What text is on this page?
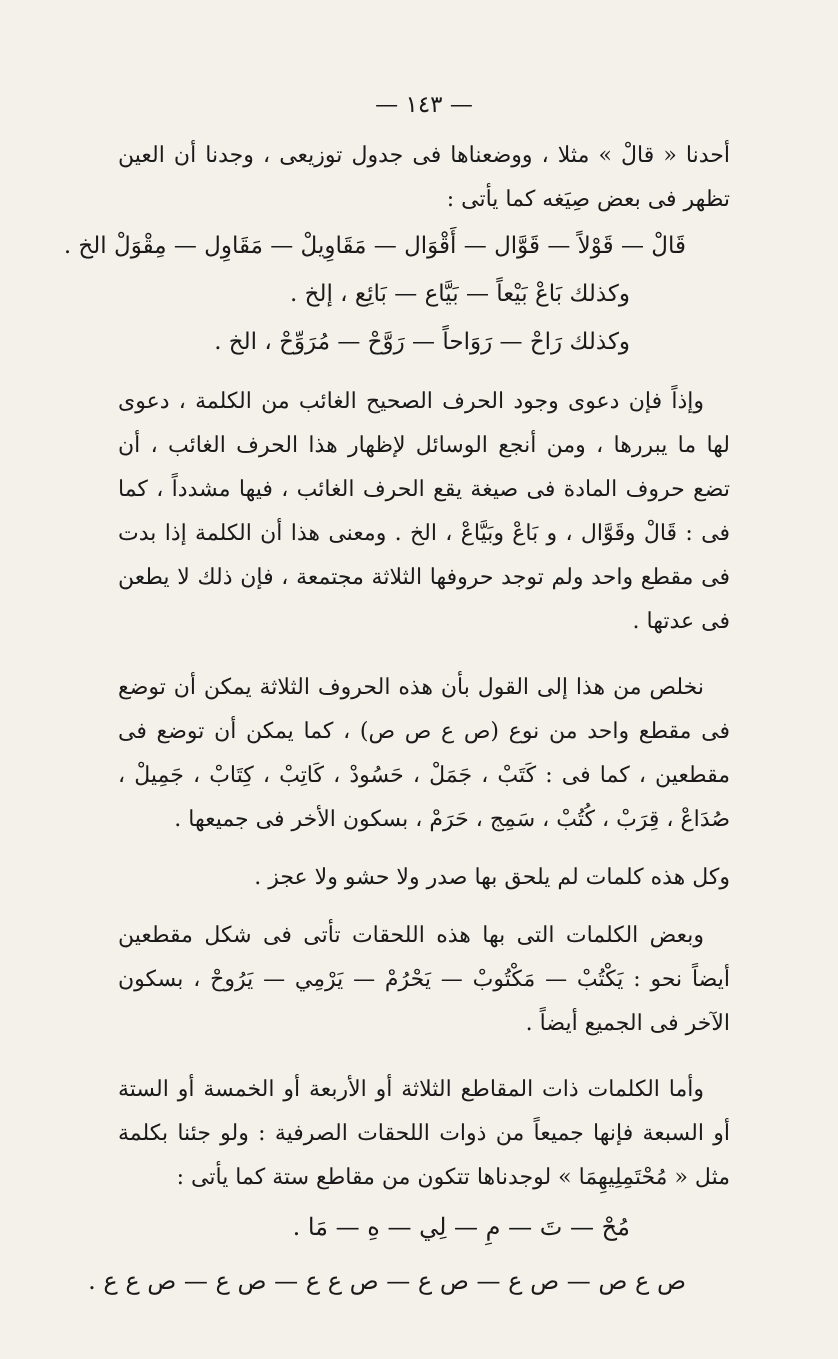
— ١٤٣ —

أحدنا « قالْ » مثلا ، ووضعناها فى جدول توزيعى ، وجدنا أن العين تظهر فى بعض صِيَغه كما يأتى :

قَالْ — قَوْلاً — قَوَّال — أَقْوَال — مَقَاوِيلْ — مَقَاوِل — مِقْوَلْ الخ .

وكذلك بَاعْ بَيْعاً — بَيَّاع — بَائِع ، إلخ .

وكذلك رَاحْ — رَوَاحاً — رَوَّحْ — مُرَوِّحْ ، الخ .

وإذاً فإن دعوى وجود الحرف الصحيح الغائب من الكلمة ، دعوى لها ما يبررها ، ومن أنجع الوسائل لإظهار هذا الحرف الغائب ، أن تضع حروف المادة فى صيغة يقع الحرف الغائب ، فيها مشدداً ، كما فى : قَالْ وقَوَّال ، و بَاعْ وبَيَّاعْ ، الخ . ومعنى هذا أن الكلمة إذا بدت فى مقطع واحد ولم توجد حروفها الثلاثة مجتمعة ، فإن ذلك لا يطعن فى عدتها .

نخلص من هذا إلى القول بأن هذه الحروف الثلاثة يمكن أن توضع فى مقطع واحد من نوع (ص ع ص ص) ، كما يمكن أن توضع فى مقطعين ، كما فى : كَتَبْ ، جَمَلْ ، حَسُودْ ، كَاتِبْ ، كِتَابْ ، جَمِيلْ ، صُدَاعْ ، قِرَبْ ، كُتُبْ ، سَمِج ، حَرَمْ ، بسكون الأخر فى جميعها .

وكل هذه كلمات لم يلحق بها صدر ولا حشو ولا عجز .

وبعض الكلمات التى بها هذه اللحقات تأتى فى شكل مقطعين أيضاً نحو : يَكْتُبْ — مَكْتُوبْ — يَحْرُمْ — يَرْمِي — يَرُوحْ ، بسكون الآخر فى الجميع أيضاً .

وأما الكلمات ذات المقاطع الثلاثة أو الأربعة أو الخمسة أو الستة أو السبعة فإنها جميعاً من ذوات اللحقات الصرفية : ولو جئنا بكلمة مثل « مُحْتَمِلِيهِمَا » لوجدناها تتكون من مقاطع ستة كما يأتى :

مُحْ — تَ — مِ — لِي — هِ — مَا .

ص ع ص — ص ع — ص ع — ص ع ع — ص ع — ص ع ع .
